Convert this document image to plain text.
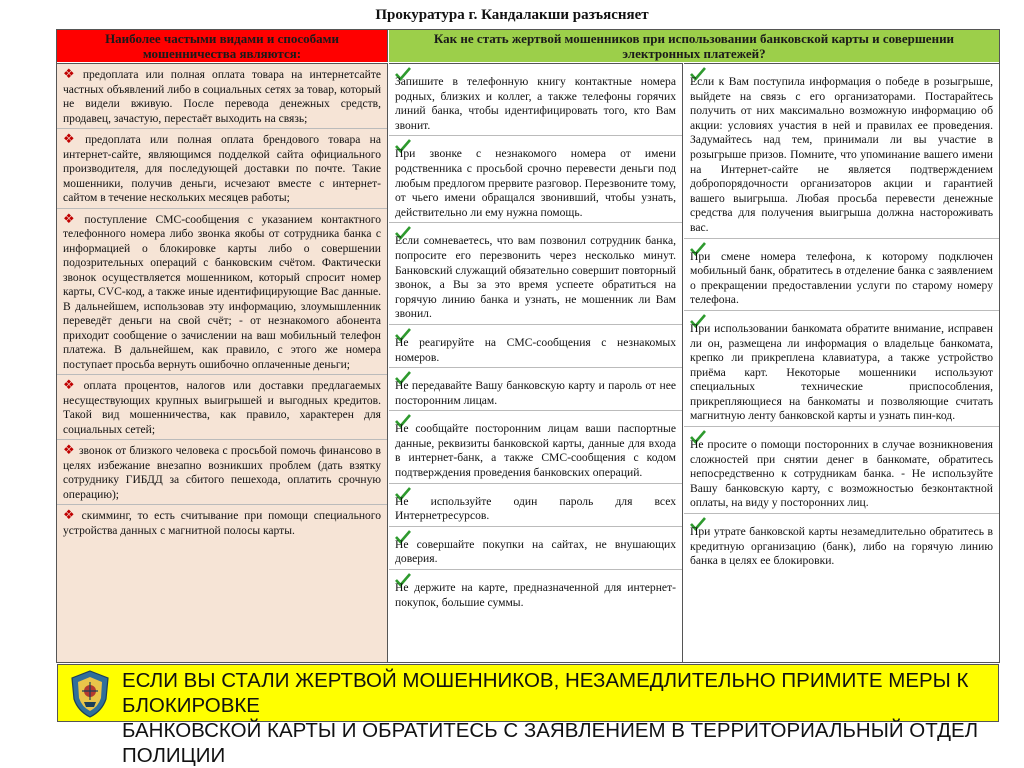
Прокуратура г. Кандалакши разъясняет
Наиболее частыми видами и способами мошенничества являются:
Как не стать жертвой мошенников при использовании банковской карты и совершении электронных платежей?
❖ предоплата или полная оплата товара на интернетсайте частных объявлений либо в социальных сетях за товар, который не видели вживую. После перевода денежных средств, продавец, зачастую, перестаёт выходить на связь;
❖ предоплата или полная оплата брендового товара на интернет-сайте, являющимся подделкой сайта официального производителя, для последующей доставки по почте. Такие мошенники, получив деньги, исчезают вместе с интернет-сайтом в течение нескольких месяцев работы;
❖ поступление СМС-сообщения с указанием контактного телефонного номера либо звонка якобы от сотрудника банка с информацией о блокировке карты либо о совершении подозрительных операций с банковским счётом. Фактически звонок осуществляется мошенником, который спросит номер карты, CVC-код, а также иные идентифицирующие Вас данные. В дальнейшем, использовав эту информацию, злоумышленник переведёт деньги на свой счёт; - от незнакомого абонента приходит сообщение о зачислении на ваш мобильный телефон платежа. В дальнейшем, как правило, с этого же номера поступает просьба вернуть ошибочно оплаченные деньги;
❖ оплата процентов, налогов или доставки предлагаемых несуществующих крупных выигрышей и выгодных кредитов. Такой вид мошенничества, как правило, характерен для социальных сетей;
❖ звонок от близкого человека с просьбой помочь финансово в целях избежание внезапно возникших проблем (дать взятку сотруднику ГИБДД за сбитого пешехода, оплатить срочную операцию);
❖ скимминг, то есть считывание при помощи специального устройства данных с магнитной полосы карты.
Запишите в телефонную книгу контактные номера родных, близких и коллег, а также телефоны горячих линий банка, чтобы идентифицировать того, кто Вам звонит.
При звонке с незнакомого номера от имени родственника с просьбой срочно перевести деньги под любым предлогом прервите разговор. Перезвоните тому, от чьего имени обращался звонивший, чтобы узнать, действительно ли ему нужна помощь.
Если сомневаетесь, что вам позвонил сотрудник банка, попросите его перезвонить через несколько минут. Банковский служащий обязательно совершит повторный звонок, а Вы за это время успеете обратиться на горячую линию банка и узнать, не мошенник ли Вам звонил.
Не реагируйте на СМС-сообщения с незнакомых номеров.
Не передавайте Вашу банковскую карту и пароль от нее посторонним лицам.
Не сообщайте посторонним лицам ваши паспортные данные, реквизиты банковской карты, данные для входа в интернет-банк, а также СМС-сообщения с кодом подтверждения проведения банковских операций.
Не используйте один пароль для всех Интернетресурсов.
Не совершайте покупки на сайтах, не внушающих доверия.
Не держите на карте, предназначенной для интернет- покупок, большие суммы.
Если к Вам поступила информация о победе в розыгрыше, выйдете на связь с его организаторами. Постарайтесь получить от них максимально возможную информацию об акции: условиях участия в ней и правилах ее проведения. Задумайтесь над тем, принимали ли вы участие в розыгрыше призов. Помните, что упоминание вашего имени на Интернет-сайте не является подтверждением добропорядочности организаторов акции и гарантией вашего выигрыша. Любая просьба перевести денежные средства для получения выигрыша должна настороживать вас.
При смене номера телефона, к которому подключен мобильный банк, обратитесь в отделение банка с заявлением о прекращении предоставлении услуги по старому номеру телефона.
При использовании банкомата обратите внимание, исправен ли он, размещена ли информация о владельце банкомата, крепко ли прикреплена клавиатура, а также устройство приёма карт. Некоторые мошенники используют специальных технические приспособления, прикрепляющиеся на банкоматы и позволяющие считать магнитную ленту банковской карты и узнать пин-код.
Не просите о помощи посторонних в случае возникновения сложностей при снятии денег в банкомате, обратитесь непосредственно к сотрудникам банка. - Не используйте Вашу банковскую карту, с возможностью безконтактной оплаты, на виду у посторонних лиц.
При утрате банковской карты незамедлительно обратитесь в кредитную организацию (банк), либо на горячую линию банка в целях ее блокировки.
ЕСЛИ ВЫ СТАЛИ ЖЕРТВОЙ МОШЕННИКОВ, НЕЗАМЕДЛИТЕЛЬНО ПРИМИТЕ МЕРЫ К БЛОКИРОВКЕ
БАНКОВСКОЙ КАРТЫ И ОБРАТИТЕСЬ С ЗАЯВЛЕНИЕМ В ТЕРРИТОРИАЛЬНЫЙ ОТДЕЛ ПОЛИЦИИ
